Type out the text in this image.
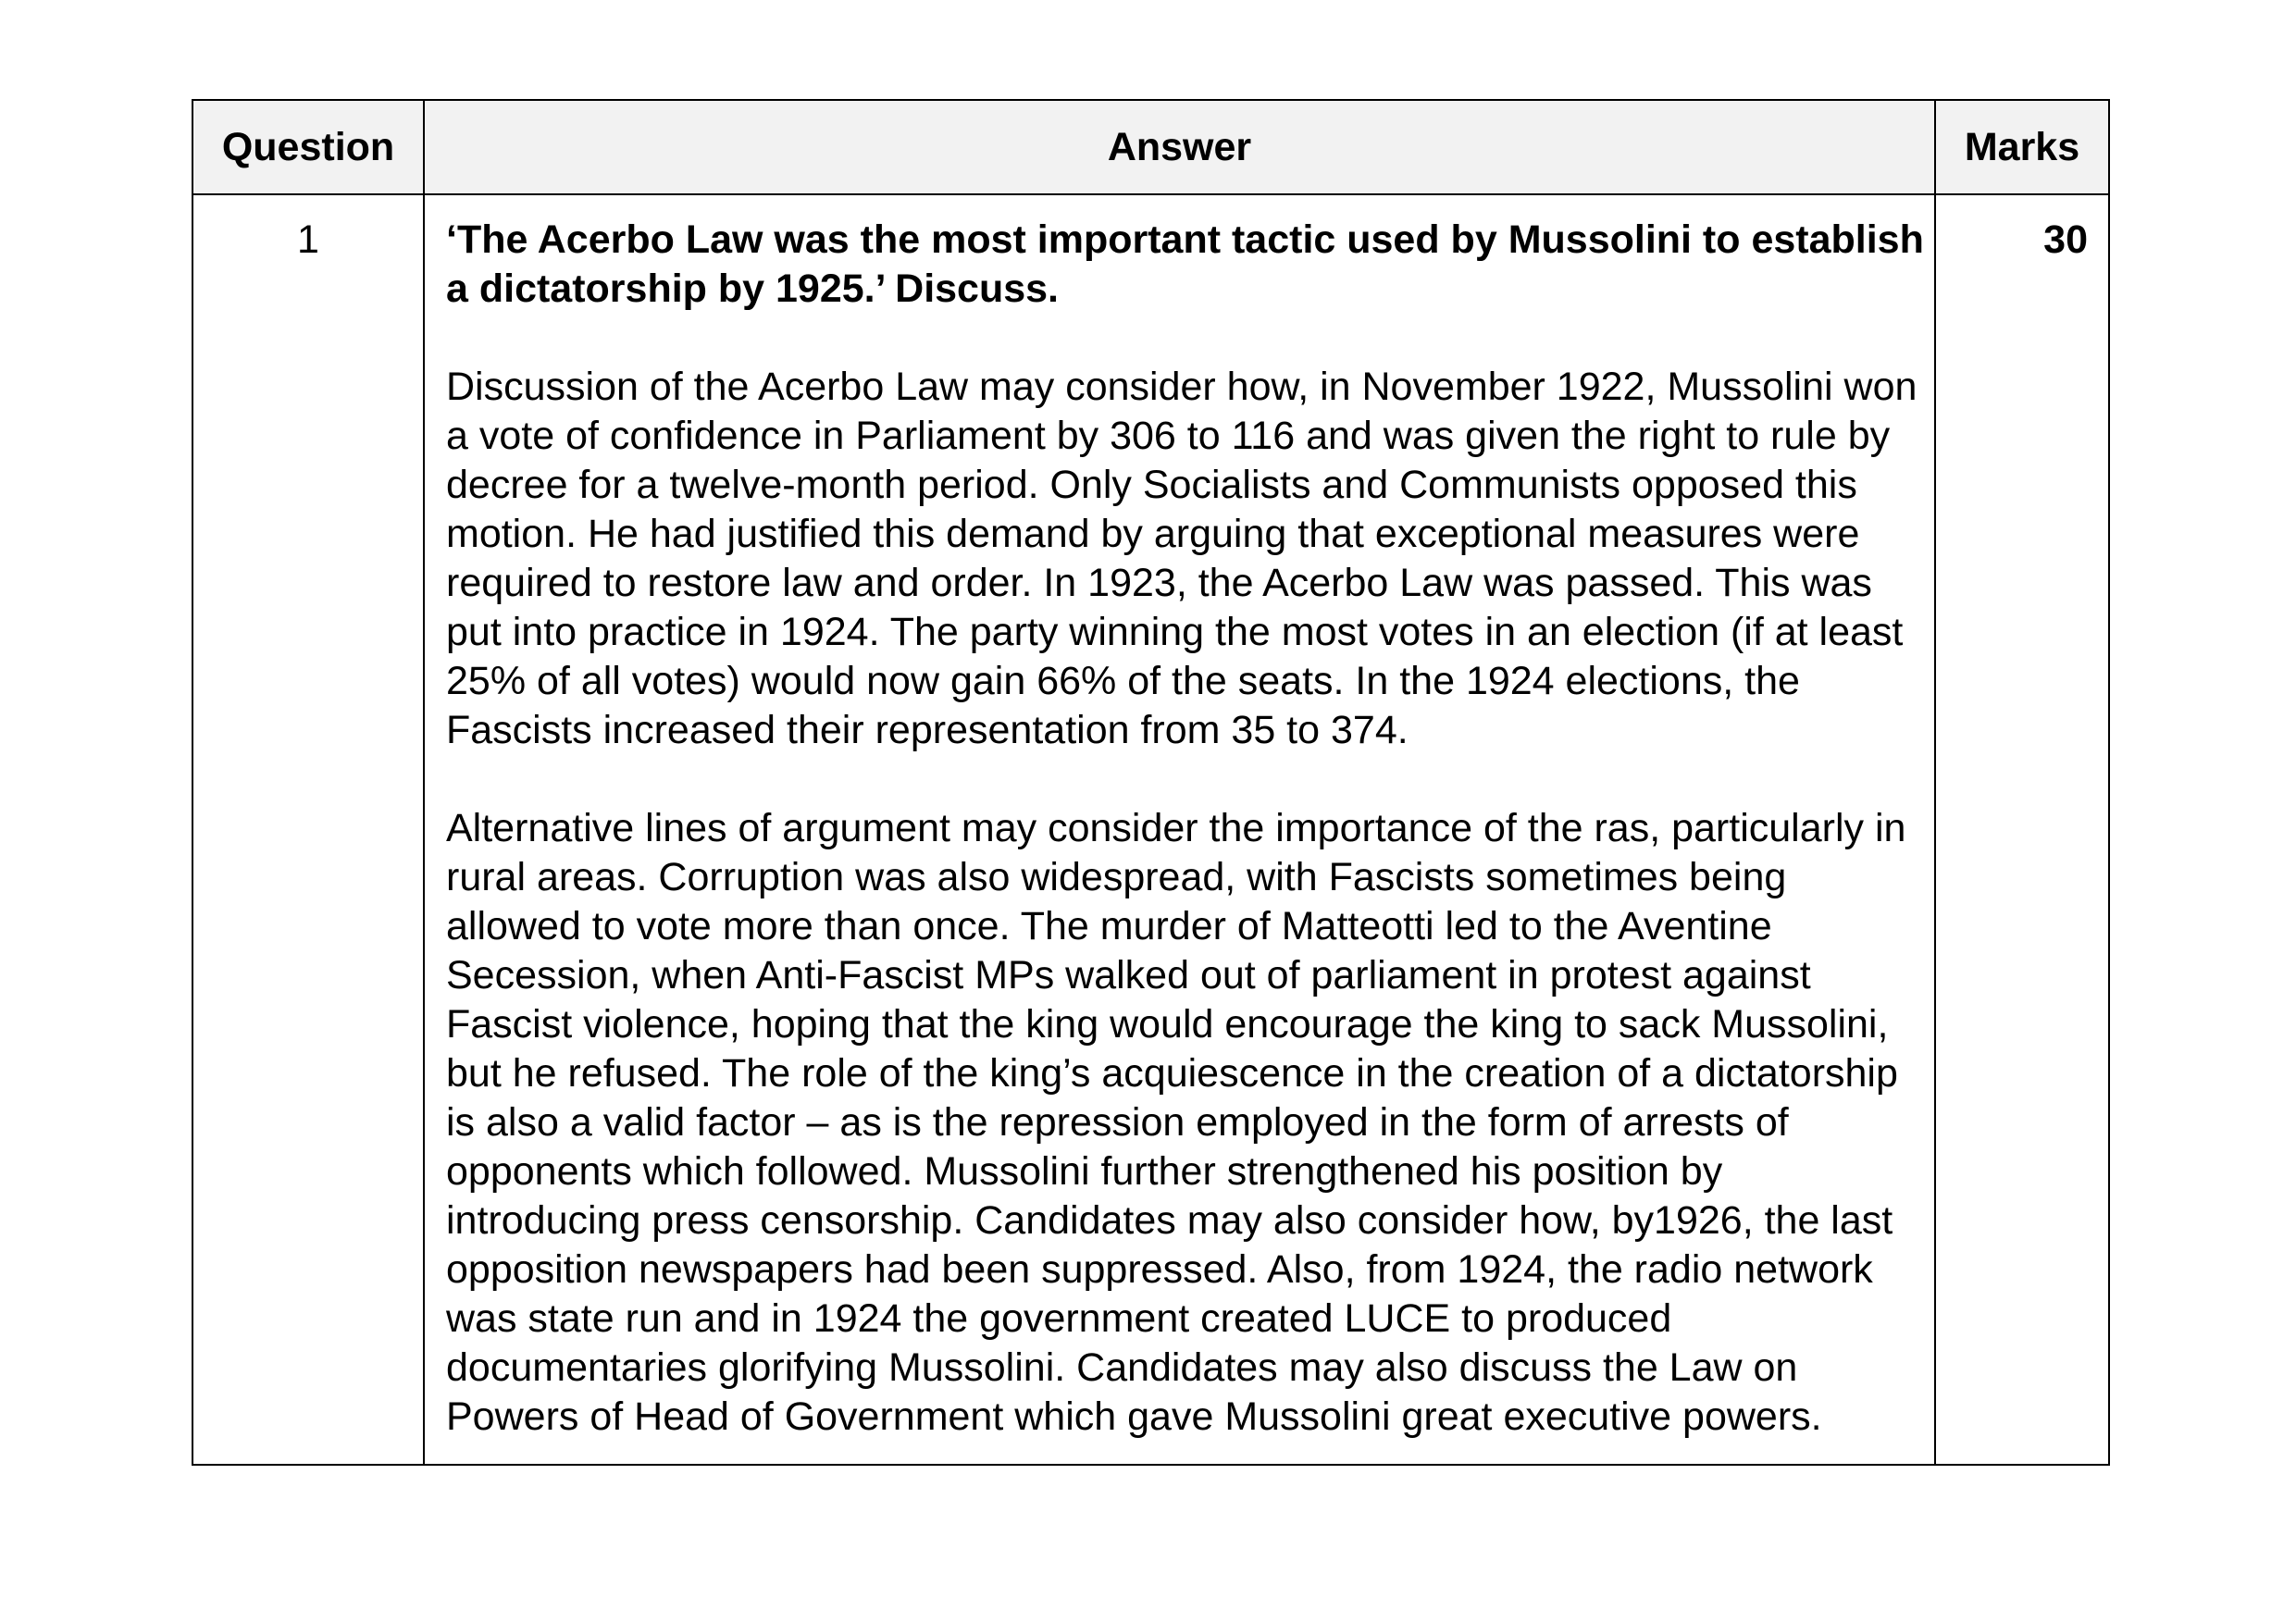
Question	Answer	Marks
1	‘The Acerbo Law was the most important tactic used by Mussolini to establish a dictatorship by 1925.’ Discuss.

Discussion of the Acerbo Law may consider how, in November 1922, Mussolini won a vote of confidence in Parliament by 306 to 116 and was given the right to rule by decree for a twelve-month period. Only Socialists and Communists opposed this motion. He had justified this demand by arguing that exceptional measures were required to restore law and order. In 1923, the Acerbo Law was passed. This was put into practice in 1924. The party winning the most votes in an election (if at least 25% of all votes) would now gain 66% of the seats. In the 1924 elections, the Fascists increased their representation from 35 to 374.

Alternative lines of argument may consider the importance of the ras, particularly in rural areas. Corruption was also widespread, with Fascists sometimes being allowed to vote more than once. The murder of Matteotti led to the Aventine Secession, when Anti-Fascist MPs walked out of parliament in protest against Fascist violence, hoping that the king would encourage the king to sack Mussolini, but he refused. The role of the king’s acquiescence in the creation of a dictatorship is also a valid factor – as is the repression employed in the form of arrests of opponents which followed. Mussolini further strengthened his position by introducing press censorship. Candidates may also consider how, by1926, the last opposition newspapers had been suppressed. Also, from 1924, the radio network was state run and in 1924 the government created LUCE to produced documentaries glorifying Mussolini. Candidates may also discuss the Law on Powers of Head of Government which gave Mussolini great executive powers.	30
